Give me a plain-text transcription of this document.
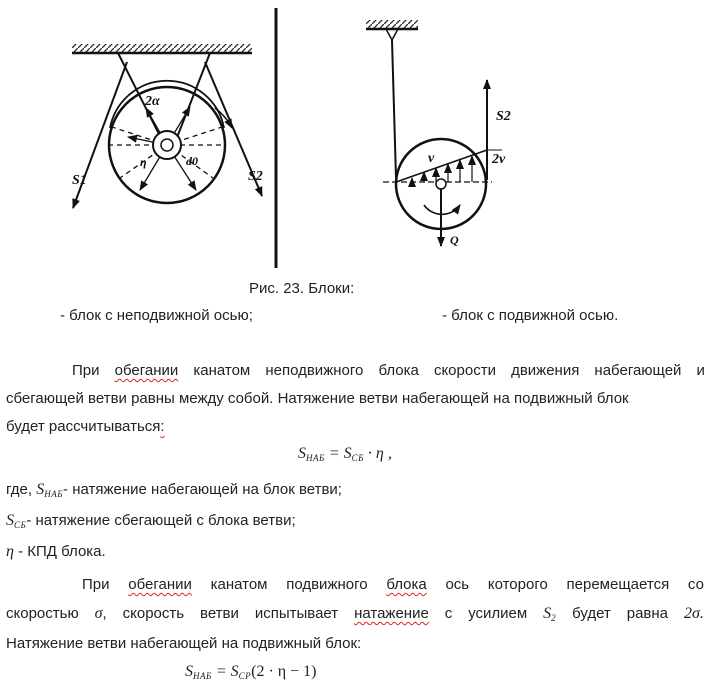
2α
S1	S2
d0
η
S2
v	2v
Q
Рис. 23. Блоки:
- блок с неподвижной осью;	- блок с подвижной осью.
При обегании канатом неподвижного блока скорости движения набегающей и
сбегающей ветви равны между собой. Натяжение ветви набегающей на подвижный блок
будет рассчитываться:
$S_{НАБ} = S_{СБ} \cdot \eta$ ,
где, $S_{НАБ}-$ натяжение набегающей на блок ветви;
$S_{СБ}-$ натяжение сбегающей с блока ветви;
η - КПД блока.
При обегании канатом подвижного блока ось которого перемещается со
скоростью σ, скорость ветви испытывает натажение с усилием $S_2$ будет равна 2σ.
Натяжение ветви набегающей на подвижный блок:
$S_{НАБ} = S_{СР}(2 \cdot \eta - 1)$
